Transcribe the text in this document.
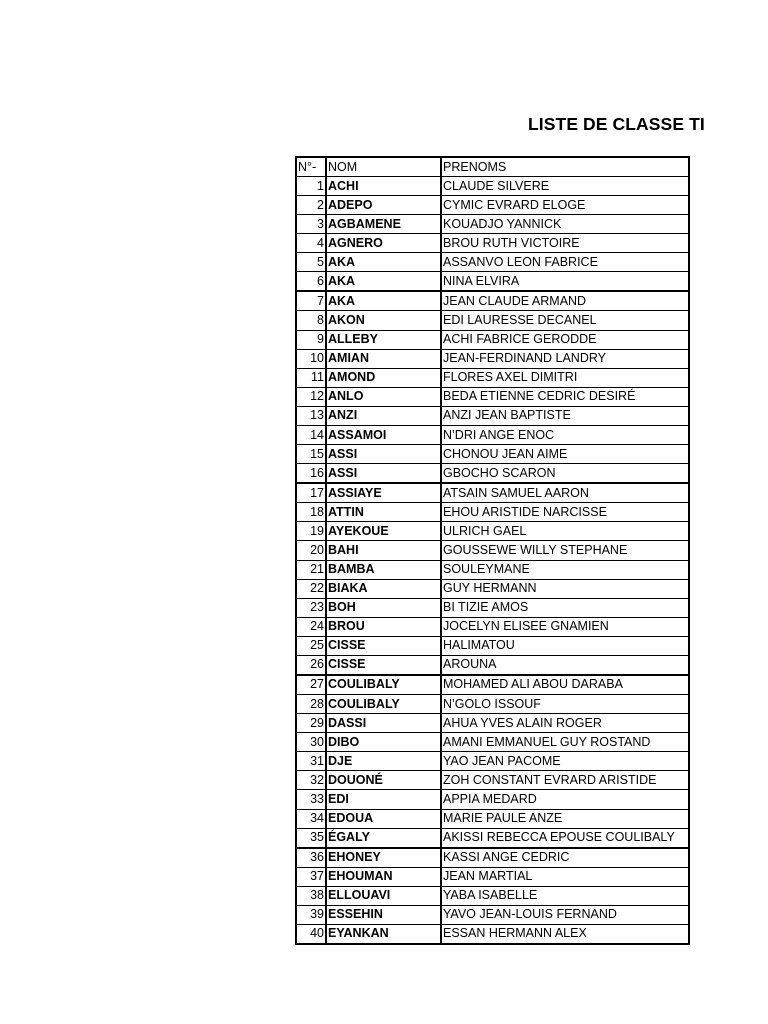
LISTE DE CLASSE TI
N°-	NOM	PRENOMS
1	ACHI	CLAUDE SILVERE
2	ADEPO	CYMIC EVRARD ELOGE
3	AGBAMENE	KOUADJO YANNICK
4	AGNERO	BROU RUTH VICTOIRE
5	AKA	ASSANVO LEON FABRICE
6	AKA	NINA ELVIRA
7	AKA	JEAN CLAUDE ARMAND
8	AKON	EDI LAURESSE DECANEL
9	ALLEBY	ACHI FABRICE GERODDE
10	AMIAN	JEAN-FERDINAND LANDRY
11	AMOND	FLORES AXEL DIMITRI
12	ANLO	BEDA ETIENNE CEDRIC DESIRÉ
13	ANZI	ANZI JEAN BAPTISTE
14	ASSAMOI	N’DRI ANGE ENOC
15	ASSI	CHONOU JEAN AIME
16	ASSI	GBOCHO SCARON
17	ASSIAYE	ATSAIN SAMUEL AARON
18	ATTIN	EHOU ARISTIDE NARCISSE
19	AYEKOUE	ULRICH GAEL
20	BAHI	GOUSSEWE WILLY STEPHANE
21	BAMBA	SOULEYMANE
22	BIAKA	GUY HERMANN
23	BOH	BI TIZIE AMOS
24	BROU	JOCELYN ELISEE GNAMIEN
25	CISSE	HALIMATOU
26	CISSE	AROUNA
27	COULIBALY	MOHAMED ALI ABOU DARABA
28	COULIBALY	N’GOLO ISSOUF
29	DASSI	AHUA YVES ALAIN ROGER
30	DIBO	AMANI EMMANUEL GUY ROSTAND
31	DJE	YAO JEAN PACOME
32	DOUONÉ	ZOH CONSTANT EVRARD ARISTIDE
33	EDI	APPIA MEDARD
34	EDOUA	MARIE PAULE ANZE
35	ÉGALY	AKISSI REBECCA EPOUSE COULIBALY
36	EHONEY	KASSI ANGE CEDRIC
37	EHOUMAN	JEAN MARTIAL
38	ELLOUAVI	YABA ISABELLE
39	ESSEHIN	YAVO JEAN-LOUIS FERNAND
40	EYANKAN	ESSAN HERMANN ALEX
